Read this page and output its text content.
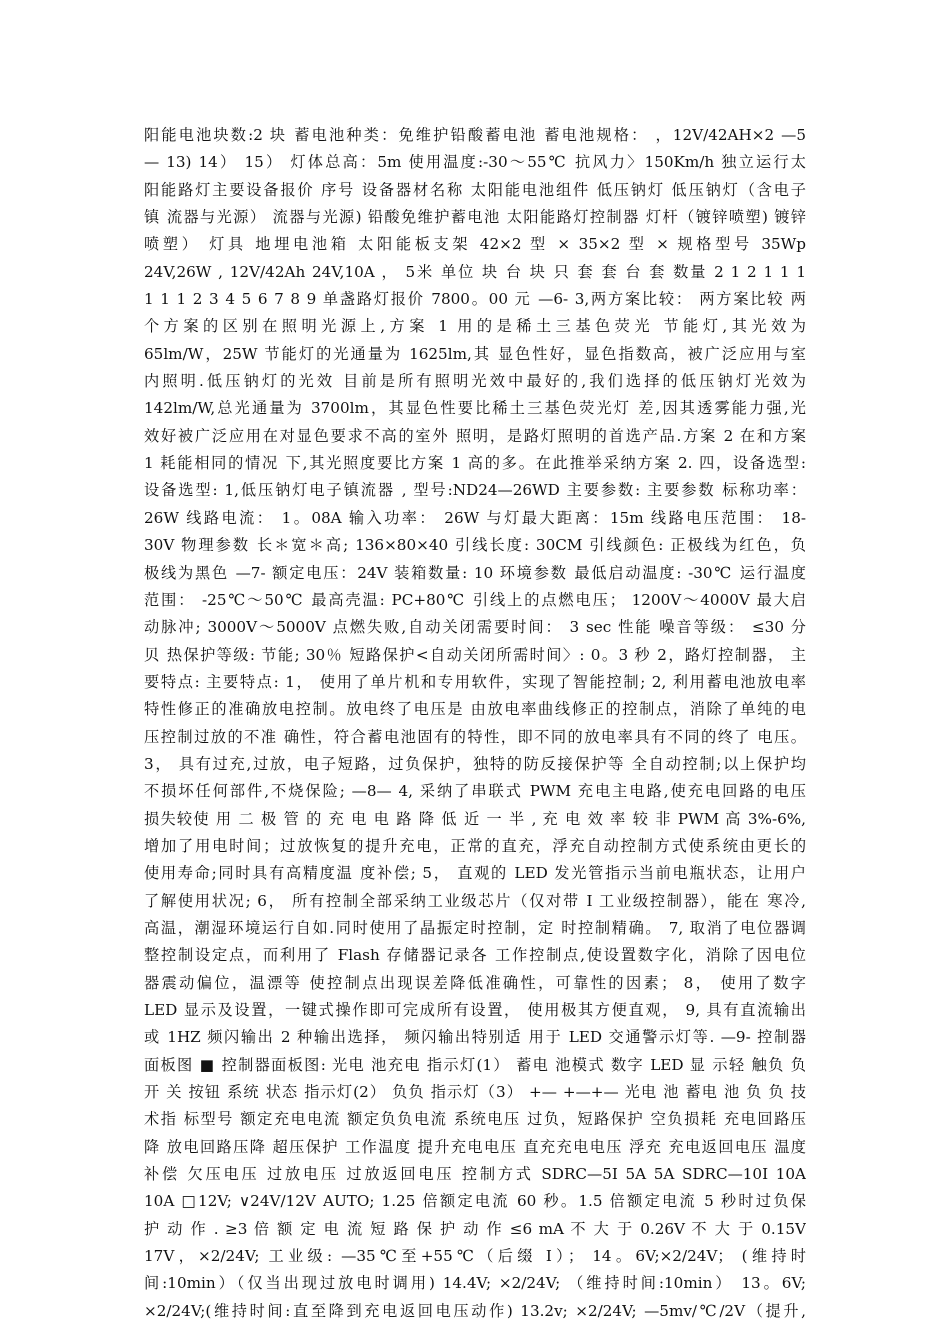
阳能电池块数:2 块 蓄电池种类：免维护铅酸蓄电池 蓄电池规格： ，12V/42AH×2 —5
— 13) 14） 15） 灯体总高：5m 使用温度:-30～55℃ 抗风力〉150Km/h 独立运行太
阳能路灯主要设备报价 序号 设备器材名称 太阳能电池组件 低压钠灯 低压钠灯（含电子
镇 流器与光源） 流器与光源) 铅酸免维护蓄电池 太阳能路灯控制器 灯杆（镀锌喷塑) 镀锌
喷塑） 灯具 地埋电池箱 太阳能板支架 42×2 型 × 35×2 型 × 规格型号 35Wp
24V,26W , 12V/42Ah 24V,10A ， 5米 单位 块 台 块 只 套 套 台 套 数量 2 1 2 1 1 1
1 1 1 2 3 4 5 6 7 8 9 单盏路灯报价 7800。00 元 —6- 3,两方案比较： 两方案比较 两
个方案的区别在照明光源上,方案 1 用的是稀土三基色荧光 节能灯,其光效为
65lm/W，25W 节能灯的光通量为 1625lm,其 显色性好，显色指数高，被广泛应用与室
内照明.低压钠灯的光效 目前是所有照明光效中最好的,我们选择的低压钠灯光效为
142lm/W,总光通量为 3700lm，其显色性要比稀土三基色荧光灯 差,因其透雾能力强,光
效好被广泛应用在对显色要求不高的室外 照明，是路灯照明的首选产品.方案 2 在和方案
1 耗能相同的情况 下,其光照度要比方案 1 高的多。在此推举采纳方案 2. 四，设备选型:
设备选型: 1,低压钠灯电子镇流器 , 型号:ND24—26WD 主要参数: 主要参数 标称功率：
26W 线路电流： 1。08A 输入功率： 26W 与灯最大距离：15m 线路电压范围： 18-
30V 物理参数 长＊宽＊高; 136×80×40 引线长度: 30CM 引线颜色: 正极线为红色，负
极线为黑色 —7- 额定电压：24V 装箱数量: 10 环境参数 最低启动温度: -30℃ 运行温度
范围： -25℃～50℃ 最高壳温: PC+80℃ 引线上的点燃电压； 1200V～4000V 最大启
动脉冲; 3000V～5000V 点燃失败,自动关闭需要时间： 3 sec 性能 噪音等级： ≤30 分
贝 热保护等级: 节能; 30％ 短路保护<自动关闭所需时间〉: 0。3 秒 2，路灯控制器， 主
要特点: 主要特点: 1， 使用了单片机和专用软件，实现了智能控制; 2, 利用蓄电池放电率
特性修正的准确放电控制。放电终了电压是 由放电率曲线修正的控制点，消除了单纯的电
压控制过放的不准 确性，符合蓄电池固有的特性，即不同的放电率具有不同的终了 电压。
3， 具有过充,过放，电子短路，过负保护，独特的防反接保护等 全自动控制;以上保护均
不损坏任何部件,不烧保险; —8— 4, 采纳了串联式 PWM 充电主电路,使充电回路的电压
损失较使 用 二 极 管 的 充 电 电 路 降 低 近 一 半 , 充 电 效 率 较 非 PWM 高 3%-6%,
增加了用电时间；过放恢复的提升充电，正常的直充，浮充自动控制方式使系统由更长的
使用寿命;同时具有高精度温 度补偿; 5， 直观的 LED 发光管指示当前电瓶状态，让用户
了解使用状况; 6， 所有控制全部采纳工业级芯片（仅对带 I 工业级控制器），能在 寒冷,
高温，潮湿环境运行自如.同时使用了晶振定时控制，定 时控制精确。 7, 取消了电位器调
整控制设定点，而利用了 Flash 存储器记录各 工作控制点,使设置数字化，消除了因电位
器震动偏位，温漂等 使控制点出现误差降低准确性，可靠性的因素； 8， 使用了数字
LED 显示及设置，一键式操作即可完成所有设置， 使用极其方便直观， 9, 具有直流输出
或 1HZ 频闪输出 2 种输出选择， 频闪输出特别适 用于 LED 交通警示灯等. —9- 控制器
面板图 ■ 控制器面板图: 光电 池充电 指示灯(1） 蓄电 池模式 数字 LED 显 示轻 触负 负
开 关 按钮 系统 状态 指示灯(2） 负负 指示灯（3） +— +—+— 光电 池 蓄电 池 负 负 技
术指 标型号 额定充电电流 额定负负电流 系统电压 过负，短路保护 空负损耗 充电回路压
降 放电回路压降 超压保护 工作温度 提升充电电压 直充充电电压 浮充 充电返回电压 温度
补偿 欠压电压 过放电压 过放返回电压 控制方式 SDRC—5I 5A 5A SDRC—10I 10A
10A □12V; ∨24V/12V AUTO; 1.25 倍额定电流 60 秒。1.5 倍额定电流 5 秒时过负保
护 动 作 . ≥3 倍 额 定 电 流 短 路 保 护 动 作 ≤6 mA 不 大 于 0.26V 不 大 于 0.15V
17V，×2/24V; 工业级: —35℃至+55℃（后缀 I）； 14。6V;×2/24V； (维持时
间:10min）（仅当出现过放电时调用) 14.4V; ×2/24V; （维持时间:10min） 13。6V;
×2/24V;(维持时间:直至降到充电返回电压动作) 13.2v; ×2/24V; —5mv/℃/2V（提升,
